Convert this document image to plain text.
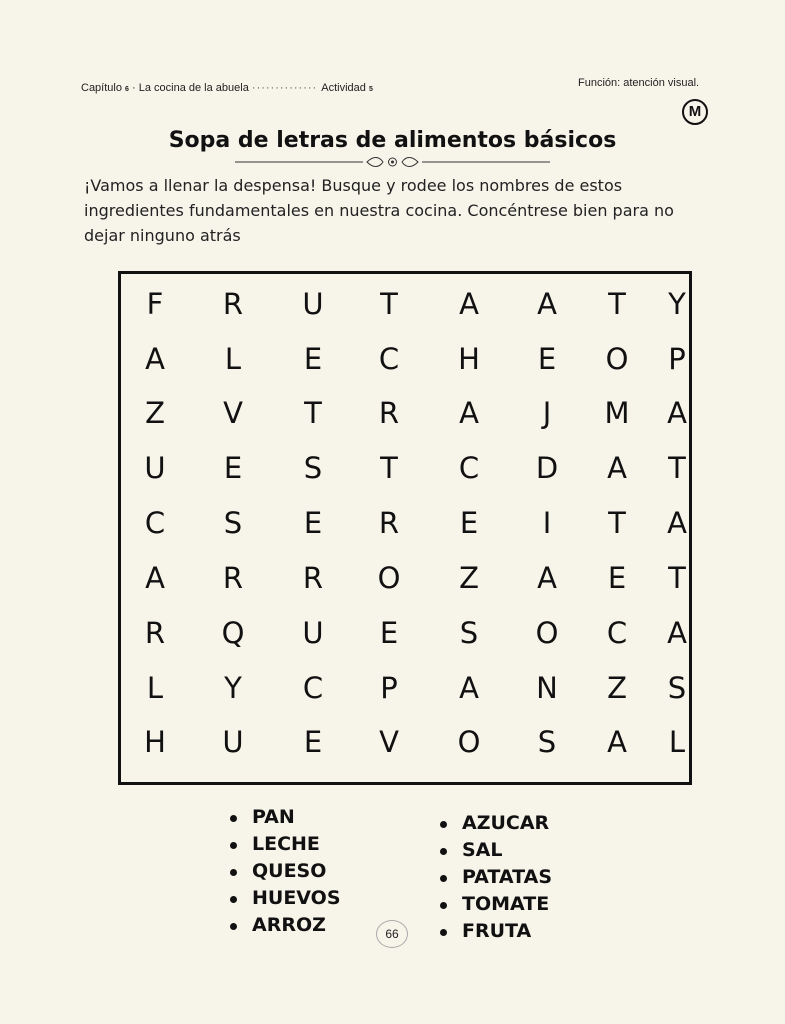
Capítulo 6 · La cocina de la abuela ·············· Actividad 5
Función: atención visual.
M
Sopa de letras de alimentos básicos
¡Vamos a llenar la despensa! Busque y rodee los nombres de estos ingredientes fundamentales en nuestra cocina. Concéntrese bien para no dejar ninguno atrás
F	R	U	T	A	A	T	Y
A	L	E	C	H	E	O	P
Z	V	T	R	A	J	M	A
U	E	S	T	C	D	A	T
C	S	E	R	E	I	T	A
A	R	R	O	Z	A	E	T
R	Q	U	E	S	O	C	A
L	Y	C	P	A	N	Z	S
H	U	E	V	O	S	A	L
PAN
LECHE
QUESO
HUEVOS
ARROZ
AZUCAR
SAL
PATATAS
TOMATE
FRUTA
66
